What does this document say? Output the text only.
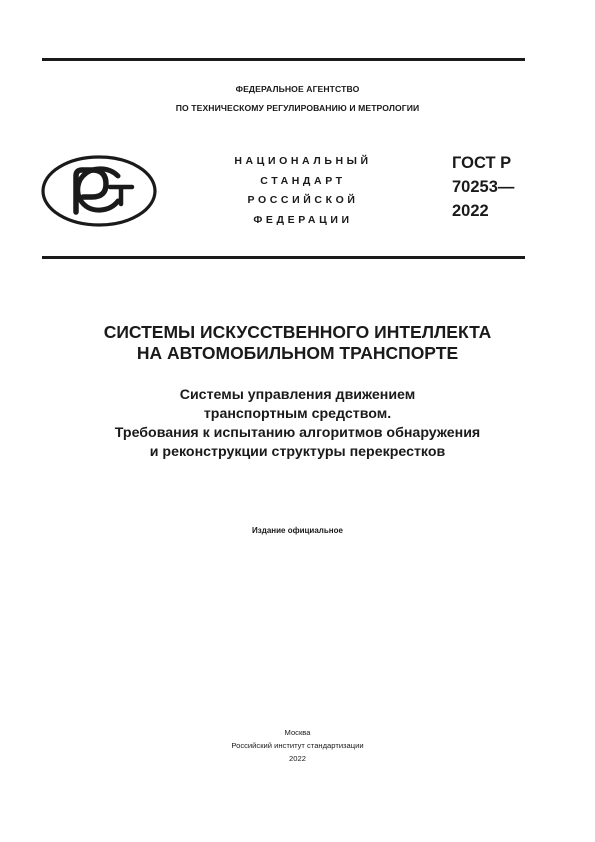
ФЕДЕРАЛЬНОЕ АГЕНТСТВО
ПО ТЕХНИЧЕСКОМУ РЕГУЛИРОВАНИЮ И МЕТРОЛОГИИ
НАЦИОНАЛЬНЫЙ
СТАНДАРТ
РОССИЙСКОЙ
ФЕДЕРАЦИИ
ГОСТ Р
70253—
2022
СИСТЕМЫ ИСКУССТВЕННОГО ИНТЕЛЛЕКТА
НА АВТОМОБИЛЬНОМ ТРАНСПОРТЕ
Системы управления движением
транспортным средством.
Требования к испытанию алгоритмов обнаружения
и реконструкции структуры перекрестков
Издание официальное
Москва
Российский институт стандартизации
2022
